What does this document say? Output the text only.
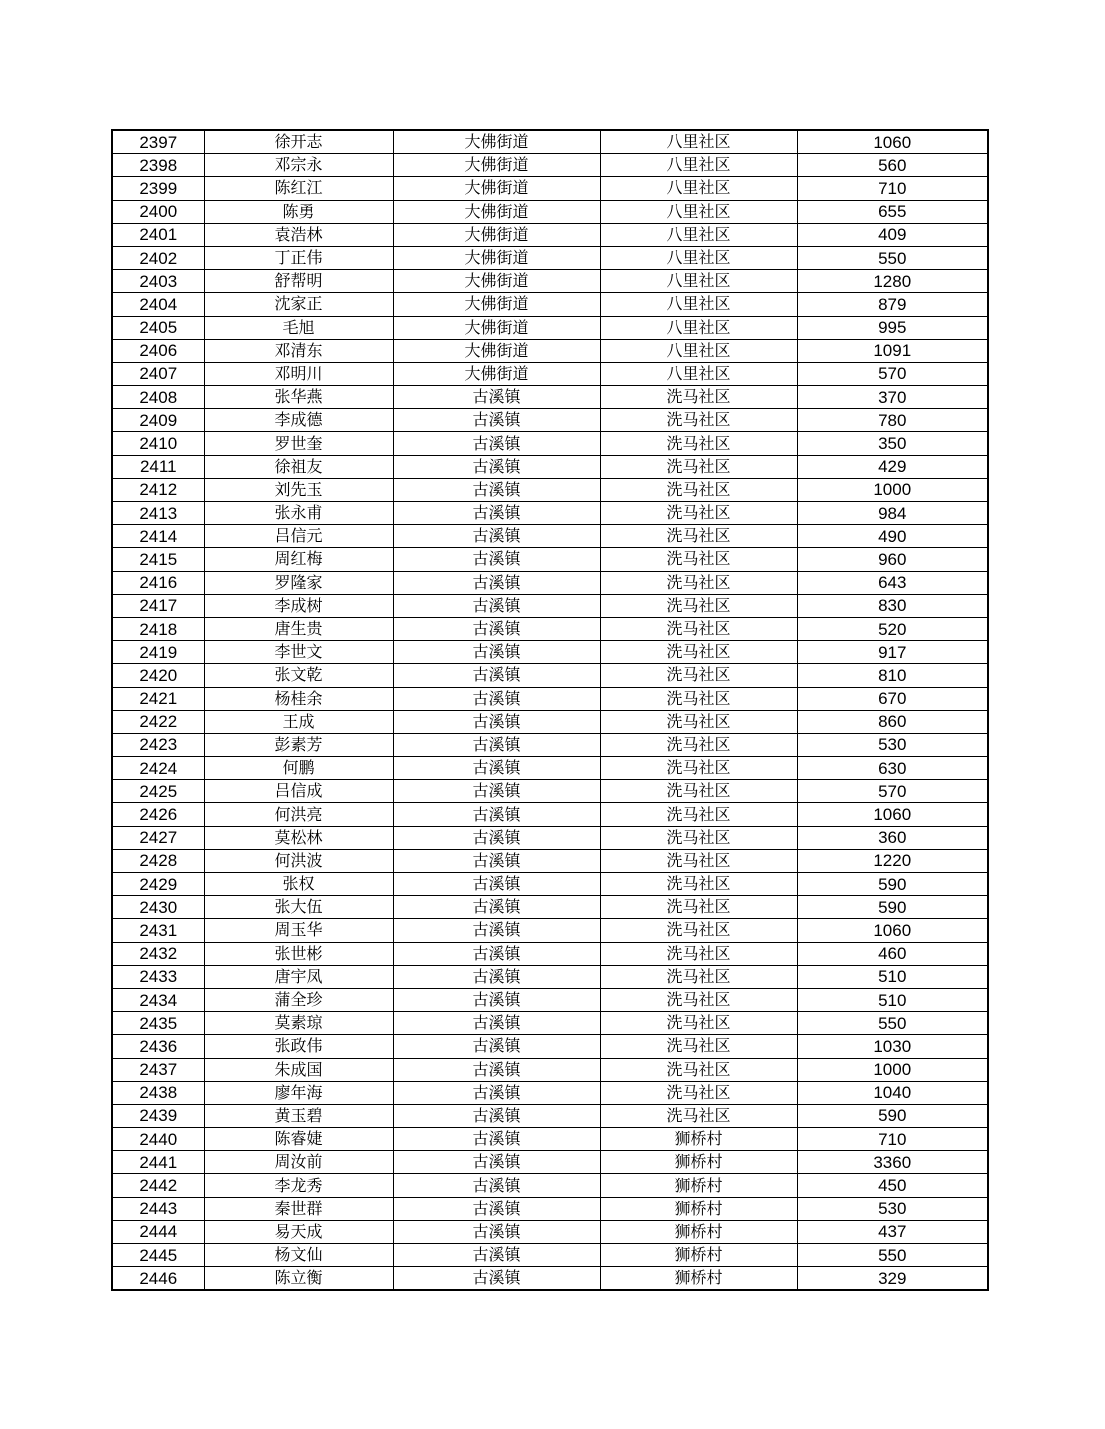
2397	徐开志	大佛街道	八里社区	1060
2398	邓宗永	大佛街道	八里社区	560
2399	陈红江	大佛街道	八里社区	710
2400	陈勇	大佛街道	八里社区	655
2401	袁浩林	大佛街道	八里社区	409
2402	丁正伟	大佛街道	八里社区	550
2403	舒帮明	大佛街道	八里社区	1280
2404	沈家正	大佛街道	八里社区	879
2405	毛旭	大佛街道	八里社区	995
2406	邓清东	大佛街道	八里社区	1091
2407	邓明川	大佛街道	八里社区	570
2408	张华燕	古溪镇	洗马社区	370
2409	李成德	古溪镇	洗马社区	780
2410	罗世奎	古溪镇	洗马社区	350
2411	徐祖友	古溪镇	洗马社区	429
2412	刘先玉	古溪镇	洗马社区	1000
2413	张永甫	古溪镇	洗马社区	984
2414	吕信元	古溪镇	洗马社区	490
2415	周红梅	古溪镇	洗马社区	960
2416	罗隆家	古溪镇	洗马社区	643
2417	李成树	古溪镇	洗马社区	830
2418	唐生贵	古溪镇	洗马社区	520
2419	李世文	古溪镇	洗马社区	917
2420	张文乾	古溪镇	洗马社区	810
2421	杨桂余	古溪镇	洗马社区	670
2422	王成	古溪镇	洗马社区	860
2423	彭素芳	古溪镇	洗马社区	530
2424	何鹏	古溪镇	洗马社区	630
2425	吕信成	古溪镇	洗马社区	570
2426	何洪亮	古溪镇	洗马社区	1060
2427	莫松林	古溪镇	洗马社区	360
2428	何洪波	古溪镇	洗马社区	1220
2429	张权	古溪镇	洗马社区	590
2430	张大伍	古溪镇	洗马社区	590
2431	周玉华	古溪镇	洗马社区	1060
2432	张世彬	古溪镇	洗马社区	460
2433	唐宇凤	古溪镇	洗马社区	510
2434	蒲全珍	古溪镇	洗马社区	510
2435	莫素琼	古溪镇	洗马社区	550
2436	张政伟	古溪镇	洗马社区	1030
2437	朱成国	古溪镇	洗马社区	1000
2438	廖年海	古溪镇	洗马社区	1040
2439	黄玉碧	古溪镇	洗马社区	590
2440	陈睿婕	古溪镇	狮桥村	710
2441	周汝前	古溪镇	狮桥村	3360
2442	李龙秀	古溪镇	狮桥村	450
2443	秦世群	古溪镇	狮桥村	530
2444	易天成	古溪镇	狮桥村	437
2445	杨文仙	古溪镇	狮桥村	550
2446	陈立衡	古溪镇	狮桥村	329
